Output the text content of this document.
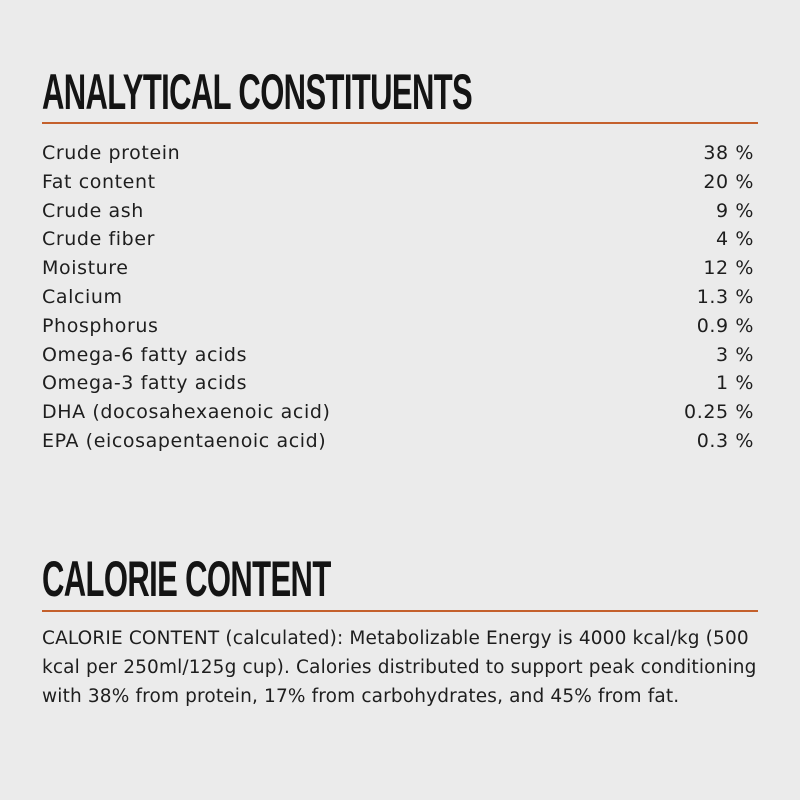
ANALYTICAL CONSTITUENTS
Crude protein	38 %
Fat content	20 %
Crude ash	9 %
Crude fiber	4 %
Moisture	12 %
Calcium	1.3 %
Phosphorus	0.9 %
Omega-6 fatty acids	3 %
Omega-3 fatty acids	1 %
DHA (docosahexaenoic acid)	0.25 %
EPA (eicosapentaenoic acid)	0.3 %
CALORIE CONTENT

CALORIE CONTENT (calculated): Metabolizable Energy is 4000 kcal/kg (500 kcal per 250ml/125g cup). Calories distributed to support peak conditioning with 38% from protein, 17% from carbohydrates, and 45% from fat.
